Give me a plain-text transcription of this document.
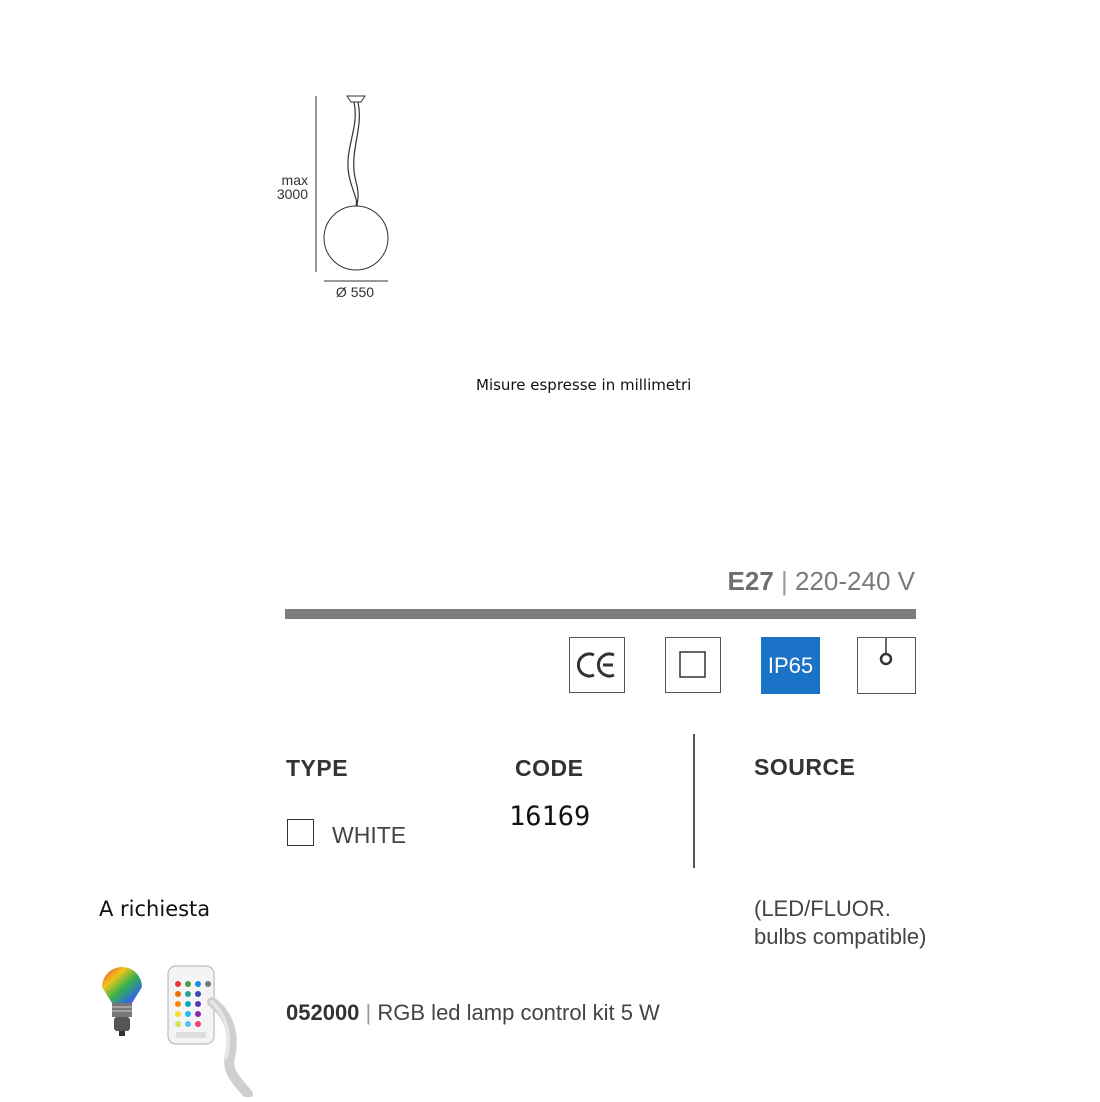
max
3000
Ø 550
Misure espresse in millimetri
E27 | 220-240 V
IP65
TYPE	CODE	SOURCE
WHITE
16169
(LED/FLUOR.
bulbs compatible)
A richiesta
052000 | RGB led lamp control kit 5 W
